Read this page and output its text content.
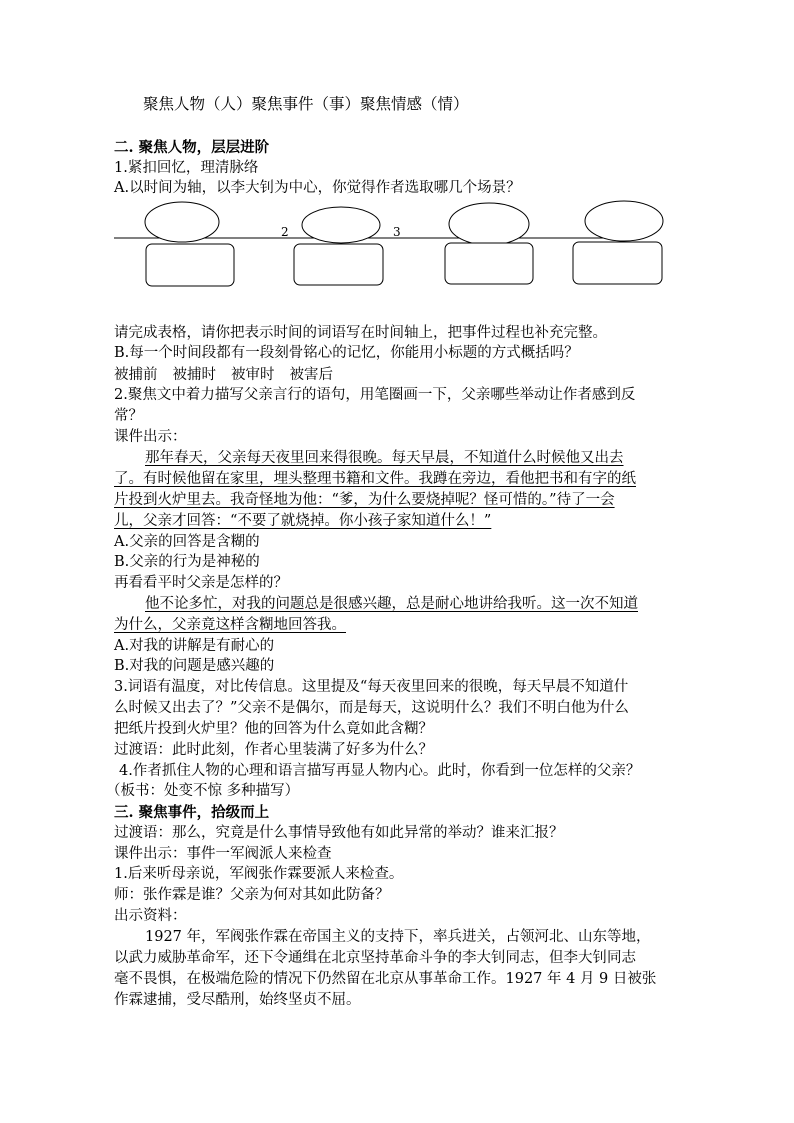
聚焦人物（人）聚焦事件（事）聚焦情感（情）
二. 聚焦人物，层层进阶
1.紧扣回忆，理清脉络
A.以时间为轴，以李大钊为中心，你觉得作者选取哪几个场景？
2	3
请完成表格，请你把表示时间的词语写在时间轴上，把事件过程也补充完整。
B.每一个时间段都有一段刻骨铭心的记忆，你能用小标题的方式概括吗？
被捕前 被捕时 被审时 被害后
2.聚焦文中着力描写父亲言行的语句，用笔圈画一下，父亲哪些举动让作者感到反
常？
课件出示：
那年春天，父亲每天夜里回来得很晚。每天早晨，不知道什么时候他又出去
了。有时候他留在家里，埋头整理书籍和文件。我蹲在旁边，看他把书和有字的纸
片投到火炉里去。我奇怪地为他：“爹，为什么要烧掉呢？怪可惜的。”待了一会
儿，父亲才回答：“不要了就烧掉。你小孩子家知道什么！”
A.父亲的回答是含糊的
B.父亲的行为是神秘的
再看看平时父亲是怎样的？
他不论多忙，对我的问题总是很感兴趣，总是耐心地讲给我听。这一次不知道
为什么，父亲竟这样含糊地回答我。
A.对我的讲解是有耐心的
B.对我的问题是感兴趣的
3.词语有温度，对比传信息。这里提及“每天夜里回来的很晚，每天早晨不知道什
么时候又出去了？”父亲不是偶尔，而是每天，这说明什么？我们不明白他为什么
把纸片投到火炉里？他的回答为什么竟如此含糊？
过渡语：此时此刻，作者心里装满了好多为什么？
4.作者抓住人物的心理和语言描写再显人物内心。此时，你看到一位怎样的父亲？
（板书：处变不惊 多种描写）
三. 聚焦事件，拾级而上
过渡语：那么，究竟是什么事情导致他有如此异常的举动？谁来汇报？
课件出示：事件一军阀派人来检查
1.后来听母亲说，军阀张作霖要派人来检查。
师：张作霖是谁？父亲为何对其如此防备？
出示资料：
1927 年，军阀张作霖在帝国主义的支持下，率兵进关，占领河北、山东等地，
以武力威胁革命军，还下令通缉在北京坚持革命斗争的李大钊同志，但李大钊同志
毫不畏惧，在极端危险的情况下仍然留在北京从事革命工作。1927 年 4 月 9 日被张
作霖逮捕，受尽酷刑，始终坚贞不屈。
